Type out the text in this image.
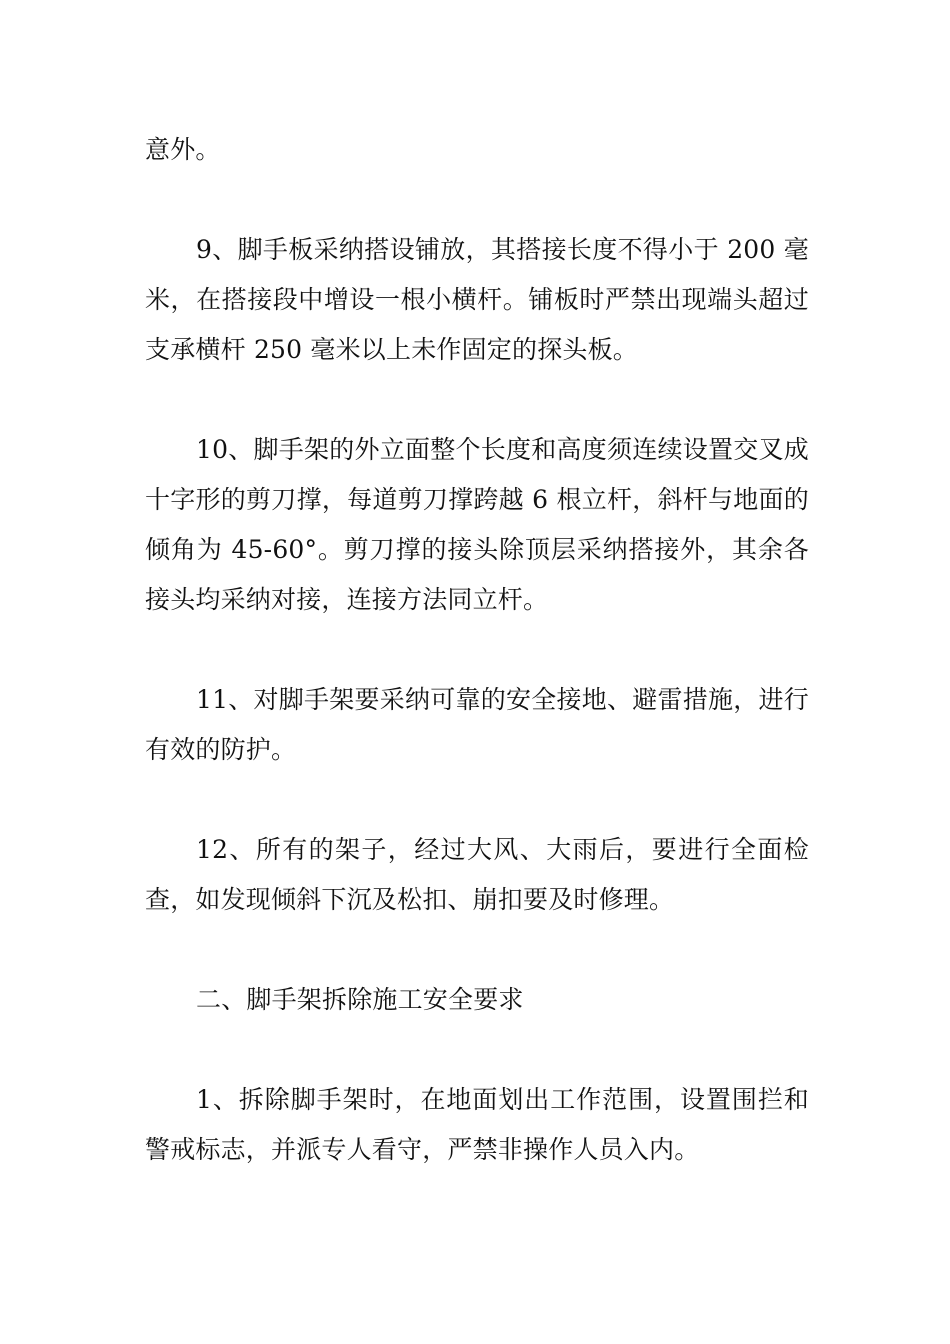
意外。

9、脚手板采纳搭设铺放，其搭接长度不得小于 200 毫米，在搭接段中增设一根小横杆。铺板时严禁出现端头超过支承横杆 250 毫米以上未作固定的探头板。

10、脚手架的外立面整个长度和高度须连续设置交叉成十字形的剪刀撑，每道剪刀撑跨越 6 根立杆，斜杆与地面的倾角为 45-60°。剪刀撑的接头除顶层采纳搭接外，其余各接头均采纳对接，连接方法同立杆。

11、对脚手架要采纳可靠的安全接地、避雷措施，进行有效的防护。

12、所有的架子，经过大风、大雨后，要进行全面检查，如发现倾斜下沉及松扣、崩扣要及时修理。

二、脚手架拆除施工安全要求

1、拆除脚手架时，在地面划出工作范围，设置围拦和警戒标志，并派专人看守，严禁非操作人员入内。
